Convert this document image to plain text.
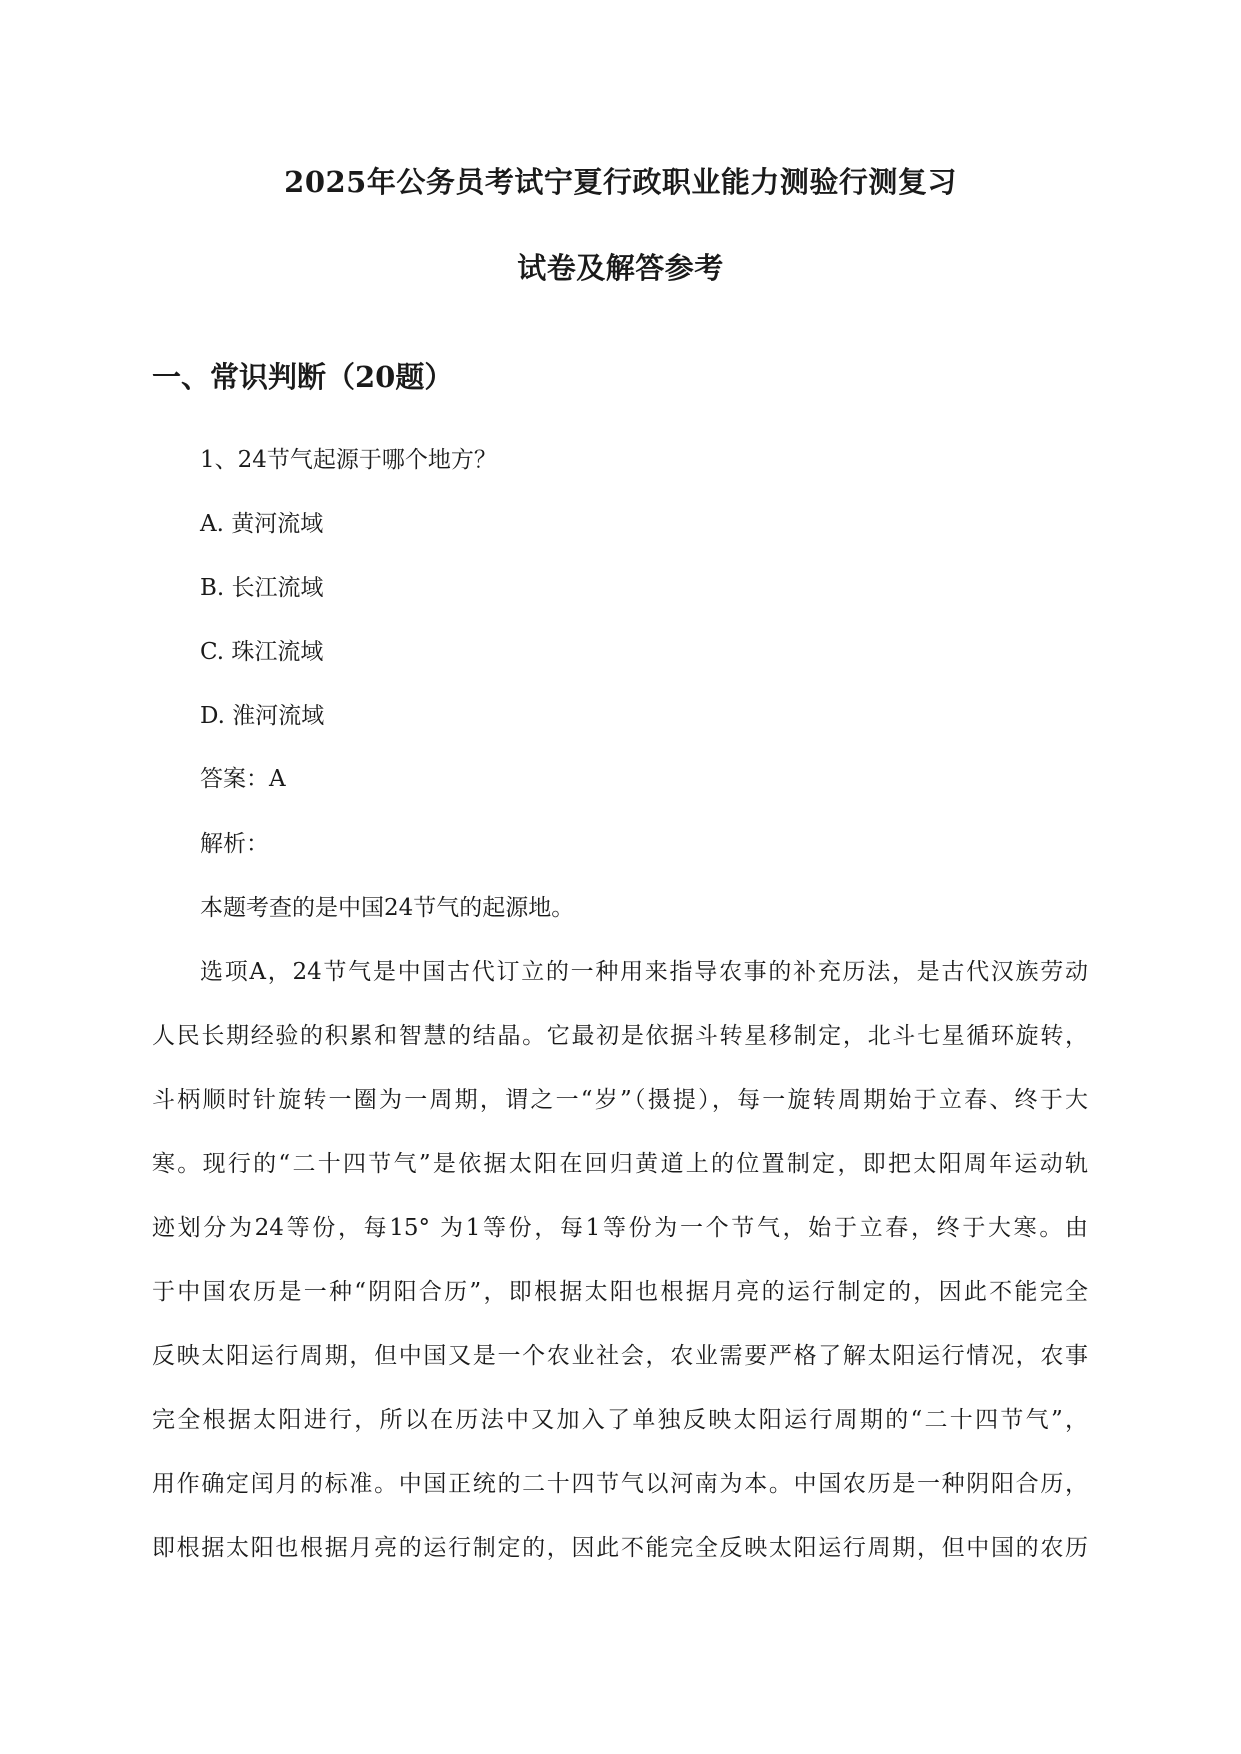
2025年公务员考试宁夏行政职业能力测验行测复习
试卷及解答参考
一、常识判断（20题）
1、24节气起源于哪个地方？
A. 黄河流域
B. 长江流域
C. 珠江流域
D. 淮河流域
答案：A
解析：
本题考查的是中国24节气的起源地。
选项A，24节气是中国古代订立的一种用来指导农事的补充历法，是古代汉族劳动
人民长期经验的积累和智慧的结晶。它最初是依据斗转星移制定，北斗七星循环旋转，
斗柄顺时针旋转一圈为一周期，谓之一“岁”（摄提），每一旋转周期始于立春、终于大
寒。现行的“二十四节气”是依据太阳在回归黄道上的位置制定，即把太阳周年运动轨
迹划分为24等份，每15° 为1等份，每1等份为一个节气，始于立春，终于大寒。由
于中国农历是一种“阴阳合历”，即根据太阳也根据月亮的运行制定的，因此不能完全
反映太阳运行周期，但中国又是一个农业社会，农业需要严格了解太阳运行情况，农事
完全根据太阳进行，所以在历法中又加入了单独反映太阳运行周期的“二十四节气”，
用作确定闰月的标准。中国正统的二十四节气以河南为本。中国农历是一种阴阳合历，
即根据太阳也根据月亮的运行制定的，因此不能完全反映太阳运行周期，但中国的农历
